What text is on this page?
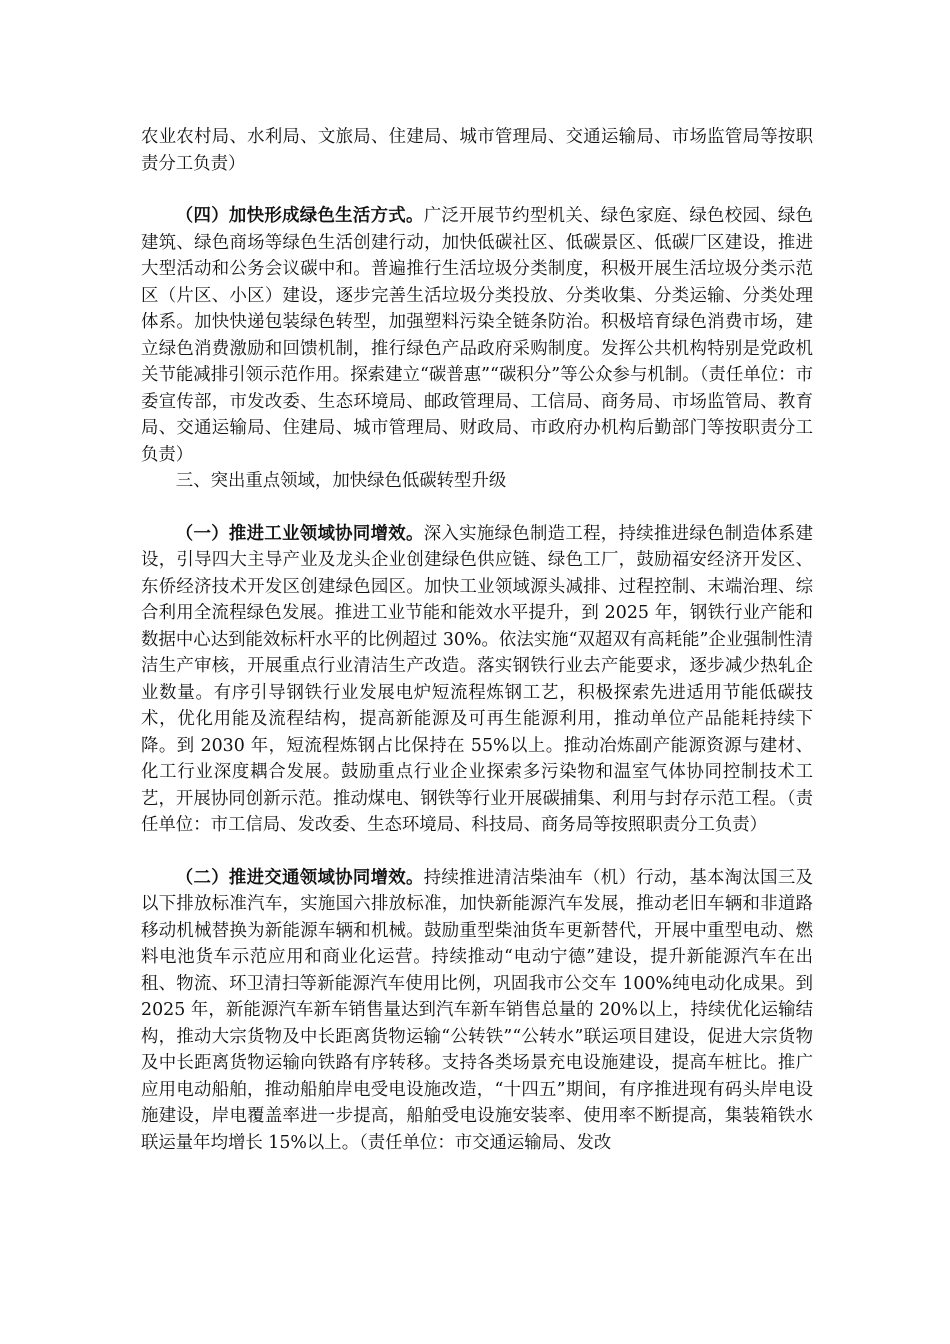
农业农村局、水利局、文旅局、住建局、城市管理局、交通运输局、市场监管局等按职责分工负责）

（四）加快形成绿色生活方式。广泛开展节约型机关、绿色家庭、绿色校园、绿色建筑、绿色商场等绿色生活创建行动，加快低碳社区、低碳景区、低碳厂区建设，推进大型活动和公务会议碳中和。普遍推行生活垃圾分类制度，积极开展生活垃圾分类示范区（片区、小区）建设，逐步完善生活垃圾分类投放、分类收集、分类运输、分类处理体系。加快快递包装绿色转型，加强塑料污染全链条防治。积极培育绿色消费市场，建立绿色消费激励和回馈机制，推行绿色产品政府采购制度。发挥公共机构特别是党政机关节能减排引领示范作用。探索建立“碳普惠”“碳积分”等公众参与机制。（责任单位：市委宣传部，市发改委、生态环境局、邮政管理局、工信局、商务局、市场监管局、教育局、交通运输局、住建局、城市管理局、财政局、市政府办机构后勤部门等按职责分工负责）

三、突出重点领域，加快绿色低碳转型升级

（一）推进工业领域协同增效。深入实施绿色制造工程，持续推进绿色制造体系建设，引导四大主导产业及龙头企业创建绿色供应链、绿色工厂，鼓励福安经济开发区、东侨经济技术开发区创建绿色园区。加快工业领域源头减排、过程控制、末端治理、综合利用全流程绿色发展。推进工业节能和能效水平提升，到 2025 年，钢铁行业产能和数据中心达到能效标杆水平的比例超过 30%。依法实施“双超双有高耗能”企业强制性清洁生产审核，开展重点行业清洁生产改造。落实钢铁行业去产能要求，逐步减少热轧企业数量。有序引导钢铁行业发展电炉短流程炼钢工艺，积极探索先进适用节能低碳技术，优化用能及流程结构，提高新能源及可再生能源利用，推动单位产品能耗持续下降。到 2030 年，短流程炼钢占比保持在 55%以上。推动冶炼副产能源资源与建材、化工行业深度耦合发展。鼓励重点行业企业探索多污染物和温室气体协同控制技术工艺，开展协同创新示范。推动煤电、钢铁等行业开展碳捕集、利用与封存示范工程。（责任单位：市工信局、发改委、生态环境局、科技局、商务局等按照职责分工负责）

（二）推进交通领域协同增效。持续推进清洁柴油车（机）行动，基本淘汰国三及以下排放标准汽车，实施国六排放标准，加快新能源汽车发展，推动老旧车辆和非道路移动机械替换为新能源车辆和机械。鼓励重型柴油货车更新替代，开展中重型电动、燃料电池货车示范应用和商业化运营。持续推动“电动宁德”建设，提升新能源汽车在出租、物流、环卫清扫等新能源汽车使用比例，巩固我市公交车 100%纯电动化成果。到 2025 年，新能源汽车新车销售量达到汽车新车销售总量的 20%以上，持续优化运输结构，推动大宗货物及中长距离货物运输“公转铁”“公转水”联运项目建设，促进大宗货物及中长距离货物运输向铁路有序转移。支持各类场景充电设施建设，提高车桩比。推广应用电动船舶，推动船舶岸电受电设施改造，“十四五”期间，有序推进现有码头岸电设施建设，岸电覆盖率进一步提高，船舶受电设施安装率、使用率不断提高，集装箱铁水联运量年均增长 15%以上。（责任单位：市交通运输局、发改
